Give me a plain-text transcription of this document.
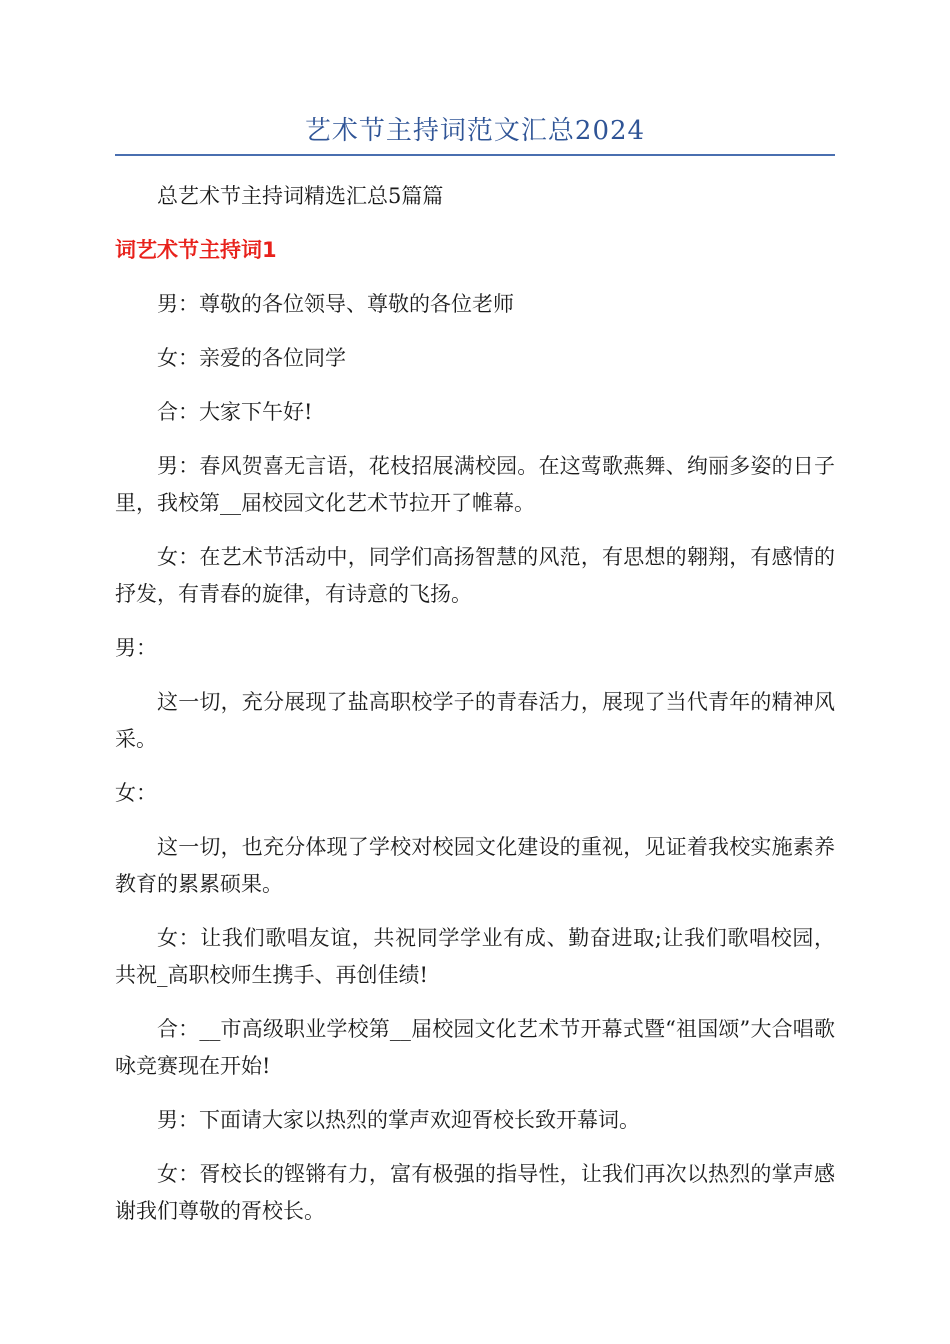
艺术节主持词范文汇总2024

总艺术节主持词精选汇总5篇篇

词艺术节主持词1

男：尊敬的各位领导、尊敬的各位老师

女：亲爱的各位同学

合：大家下午好!

男：春风贺喜无言语，花枝招展满校园。在这莺歌燕舞、绚丽多姿的日子里，我校第__届校园文化艺术节拉开了帷幕。

女：在艺术节活动中，同学们高扬智慧的风范，有思想的翱翔，有感情的抒发，有青春的旋律，有诗意的飞扬。

男：

这一切，充分展现了盐高职校学子的青春活力，展现了当代青年的精神风采。

女：

这一切，也充分体现了学校对校园文化建设的重视，见证着我校实施素养教育的累累硕果。

女：让我们歌唱友谊，共祝同学学业有成、勤奋进取;让我们歌唱校园，共祝_高职校师生携手、再创佳绩!

合：__市高级职业学校第__届校园文化艺术节开幕式暨“祖国颂”大合唱歌咏竞赛现在开始!

男：下面请大家以热烈的掌声欢迎胥校长致开幕词。

女：胥校长的铿锵有力，富有极强的指导性，让我们再次以热烈的掌声感谢我们尊敬的胥校长。
